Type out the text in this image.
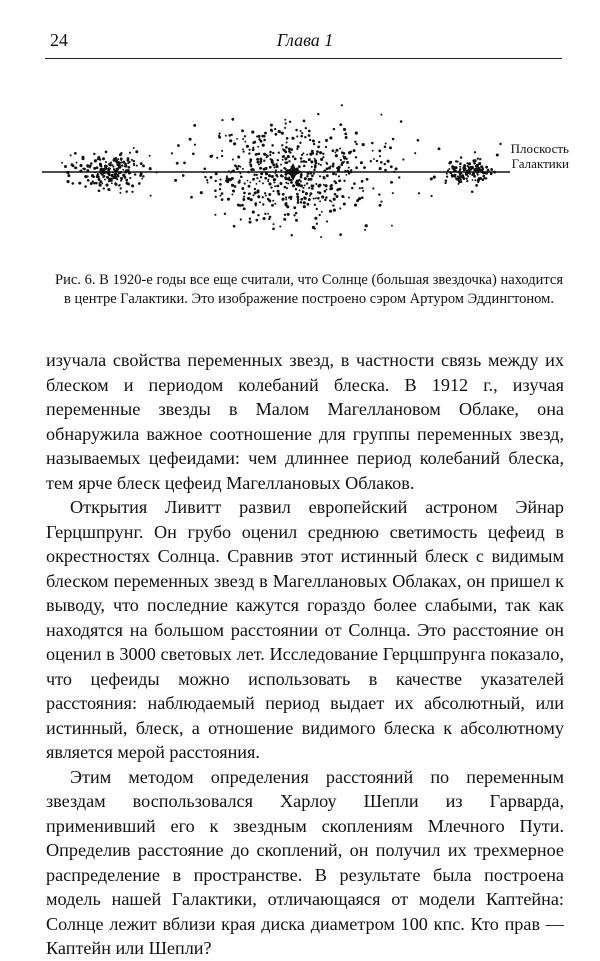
24	Глава 1
Плоскость
Галактики
Рис. 6. В 1920-е годы все еще считали, что Солнце (большая звездочка) находится в центре Галактики. Это изображение построено сэром Артуром Эддингтоном.

изучала свойства переменных звезд, в частности связь между их блеском и периодом колебаний блеска. В 1912 г., изучая переменные звезды в Малом Магеллановом Облаке, она обнаружила важное соотношение для группы переменных звезд, называемых цефеидами: чем длиннее период колебаний блеска, тем ярче блеск цефеид Магеллановых Облаков.

Открытия Ливитт развил европейский астроном Эйнар Герцшпрунг. Он грубо оценил среднюю светимость цефеид в окрестностях Солнца. Сравнив этот истинный блеск с видимым блеском переменных звезд в Магеллановых Облаках, он пришел к выводу, что последние кажутся гораздо более слабыми, так как находятся на большом расстоянии от Солнца. Это расстояние он оценил в 3000 световых лет. Исследование Герцшпрунга показало, что цефеиды можно использовать в качестве указателей расстояния: наблюдаемый период выдает их абсолютный, или истинный, блеск, а отношение видимого блеска к абсолютному является мерой расстояния.

Этим методом определения расстояний по переменным звездам воспользовался Харлоу Шепли из Гарварда, применивший его к звездным скоплениям Млечного Пути. Определив расстояние до скоплений, он получил их трехмерное распределение в пространстве. В результате была построена модель нашей Галактики, отличающаяся от модели Каптейна: Солнце лежит вблизи края диска диаметром 100 кпс. Кто прав — Каптейн или Шепли?
